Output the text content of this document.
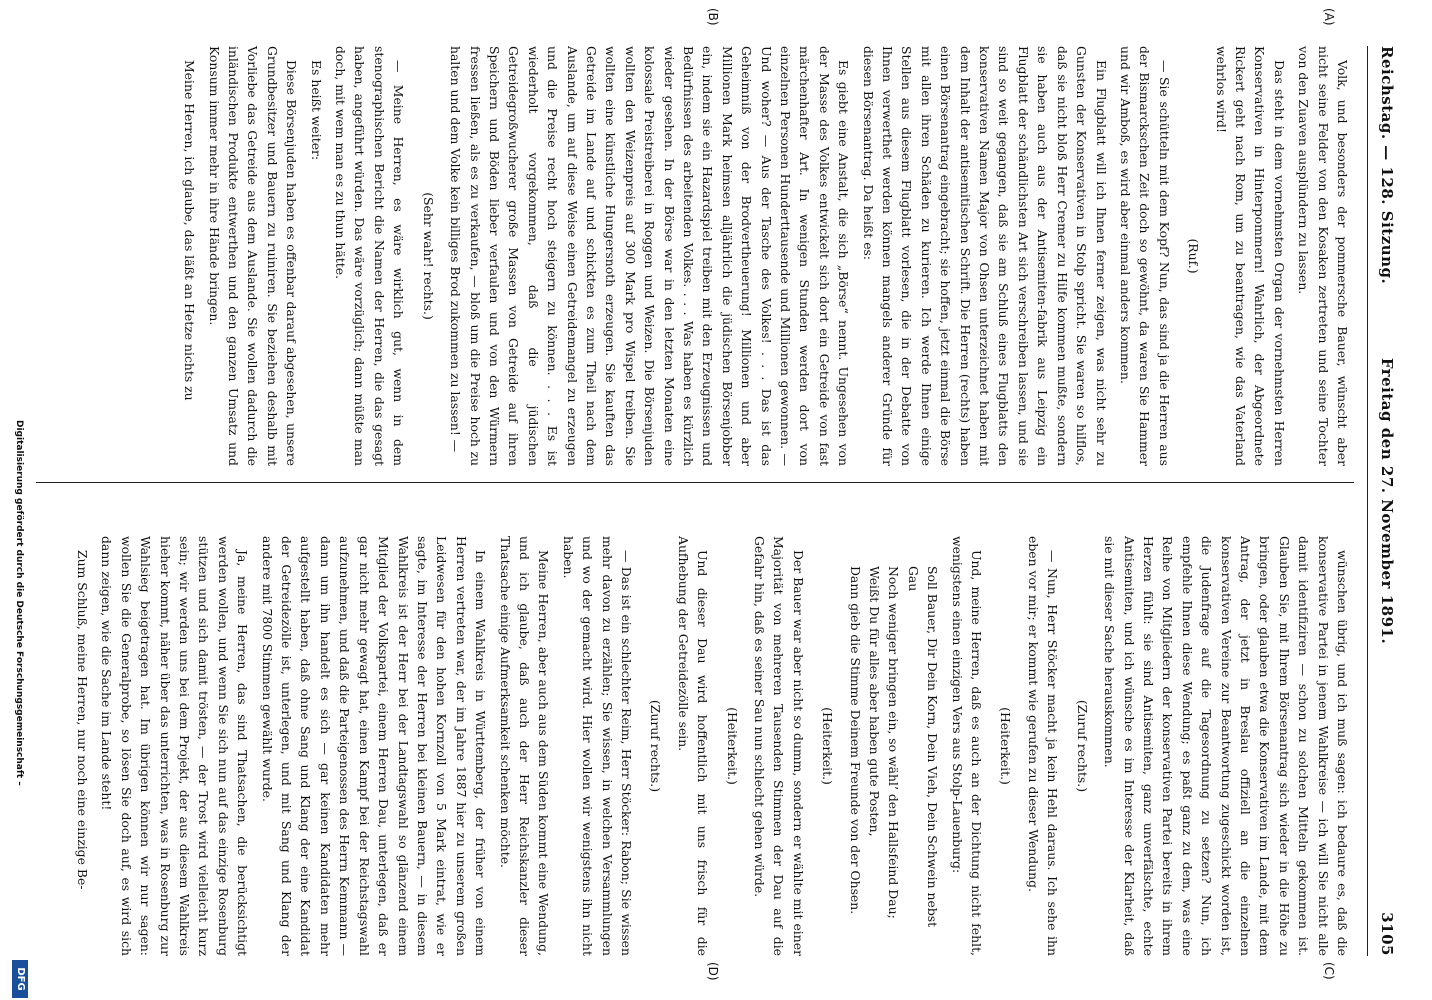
Reichstag. — 128. Sitzung.
Freitag den 27. November 1891.
3105
(A)
(B)
(C)
(D)

Volk, und besonders der pommersche Bauer, wünscht aber nicht seine Felder von den Kosaken zertreten und seine Tochter von den Zuaven ausplündern zu lassen.

Das steht in dem vornehmsten Organ der vornehmsten Herren Konservativen in Hinterpommern! Wahrlich, der Abgeordnete Rickert geht nach Rom, um zu beantragen, wie das Vaterland wehrlos wird!

(Ruf.)

— Sie schütteln mit dem Kopf? Nun, das sind ja die Herren aus der Bismarckschen Zeit doch so gewöhnt, da waren Sie Hammer und wir Amboß, es wird aber einmal anders kommen.

Ein Flugblatt will ich Ihnen ferner zeigen, was nicht sehr zu Gunsten der Konservativen in Stolp spricht. Sie waren so hilflos, daß sie nicht bloß Herr Cremer zu Hilfe kommen mußte, sondern sie haben auch aus der Antisemiten-fabrik aus Leipzig ein Flugblatt der schändlichsten Art sich verschreiben lassen, und sie sind so weit gegangen, daß sie am Schluß eines Flugblatts den konservativen Namen Major von Ohsen unterzeichnet haben mit dem Inhalt der antisemitischen Schrift. Die Herren (rechts) haben einen Börsenantrag eingebracht; sie hoffen, jetzt einmal die Börse mit allen ihren Schäden zu kurieren. Ich werde Ihnen einige Stellen aus diesem Flugblatt vorlesen, die in der Debatte von Ihnen verwerthet werden können mangels anderer Gründe für diesen Börsenantrag. Da heißt es:

Es giebt eine Anstalt, die sich „Börse“ nennt. Ungesehen von der Masse des Volkes entwickelt sich dort ein Getreide von fast märchenhafter Art. In wenigen Stunden werden dort von einzelnen Personen Hunderttausende und Millionen gewonnen. — Und woher? — Aus der Tasche des Volkes! . . . Das ist das Geheimniß von der Brodvertheuerung! Millionen und aber Millionen Mark heimsen alljährlich die jüdischen Börsenjobber ein, indem sie ein Hazardspiel treiben mit den Erzeugnissen und Bedürfnissen des arbeitenden Volkes. . . . Was haben es kürzlich wieder gesehen. In der Börse war in den letzten Monaten eine kolossale Preistreiberei in Roggen und Weizen. Die Börsenjuden wollten den Weizenpreis auf 300 Mark pro Wispel treiben. Sie wollten eine künstliche Hungersnoth erzeugen. Sie kauften das Getreide im Lande auf und schickten es zum Theil nach dem Auslande, um auf diese Weise einen Getreidemangel zu erzeugen und die Preise recht hoch steigern zu können. . . . Es ist wiederholt vorgekommen, daß die jüdischen Getreidegroßwucherer große Massen von Getreide auf ihren Speichern und Böden lieber verfaulen und von den Würmern fressen ließen, als es zu verkaufen, — bloß um die Preise hoch zu halten und dem Volke kein billiges Brod zukommen zu lassen! —

(Sehr wahr! rechts.)

— Meine Herren, es wäre wirklich gut, wenn in dem stenographischen Bericht die Namen der Herren, die das gesagt haben, angeführt würden. Das wäre vorzüglich; dann müßte man doch, mit wem man es zu thun hätte.

Es heißt weiter:

Diese Börsenjuden haben es offenbar darauf abgesehen, unsere Grundbesitzer und Bauern zu ruiniren. Sie beziehen deshalb mit Vorliebe das Getreide aus dem Auslande. Sie wollen dadurch die inländischen Produkte entwerthen und den ganzen Umsatz und Konsum immer mehr in ihre Hände bringen.

Meine Herren, ich glaube, das läßt an Hetze nichts zu

wünschen übrig, und ich muß sagen: ich bedaure es, daß die konservative Partei in jenem Wahlkreise — ich will Sie nicht alle damit identifiziren — schon zu solchen Mitteln gekommen ist. Glauben Sie, mit Ihrem Börsenantrag sich wieder in die Höhe zu bringen, oder glauben etwa die Konservativen im Lande, mit dem Antrag, der jetzt in Breslau offiziell an die einzelnen konservativen Vereine zur Beantwortung zugeschickt worden ist, die Judenfrage auf die Tagesordnung zu setzen? Nun, ich empfehle Ihnen diese Wendung; es paßt ganz zu dem, was eine Reihe von Mitgliedern der konservativen Partei bereits in ihrem Herzen fühlt: sie sind Antisemiten, ganz unverfälschte, echte Antisemiten, und ich wünsche es im Interesse der Klarheit, daß sie mit dieser Sache herauskommen.

(Zuruf rechts.)

— Nun, Herr Stöcker macht ja kein Hehl daraus. Ich sehe ihn eben vor mir; er kommt wie gerufen zu dieser Wendung.

(Heiterkeit.)

Und, meine Herren, daß es auch an der Dichtung nicht fehlt, wenigstens einen einzigen Vers aus Stolp-Lauenburg:

Soll Bauer, Dir Dein Korn, Dein Vieh, Dein Schwein nebst Gau

Noch weniger bringen ein, so wähl’ den Hallsfeind Dau;

Weißt Du für alles aber haben gute Posten,

Dann gieb die Stimme Deinem Freunde von der Ohsen.

(Heiterkeit.)

Der Bauer war aber nicht so dumm, sondern er wählte mit einer Majorität von mehreren Tausenden Stimmen der Dau auf die Gefahr hin, daß es seiner Sau nun schlecht gehen würde.

(Heiterkeit.)

Und dieser Dau wird hoffentlich mit uns frisch für die Aufhebung der Getreidezölle sein.

(Zuruf rechts.)

— Das ist ein schlechter Reim, Herr Stöcker: Rabon; Sie wissen mehr davon zu erzählen; Sie wissen, in welchen Versammlungen und wo der gemacht wird. Hier wollen wir wenigstens ihn nicht haben.

Meine Herren, aber auch aus dem Süden kommt eine Wendung, und ich glaube, daß auch der Herr Reichskanzler dieser Thatsache einige Aufmerksamkeit schenken möchte.

In einem Wahlkreis in Württemberg, der früher von einem Herren vertreten war, der im Jahre 1887 hier zu unserem großen Leidwesen für den hohen Kornzoll von 5 Mark eintrat, wie er sagte, im Interesse der Herren bei kleinen Bauern, — in diesem Wahlkreis ist der Herr bei der Landtagswahl so glänzend einem Mitglied der Volkspartei, einem Herren Dau, unterlegen, daß er gar nicht mehr gewagt hat, einen Kampf bei der Reichstagswahl aufzunehmen, und daß die Parteigenossen des Herrn Kemmann — dann um ihn handelt es sich — gar keinen Kandidaten mehr aufgestellt haben, daß ohne Sang und Klang der eine Kandidat der Getreidezölle ist, unterlegen, und mit Sang und Klang der andere mit 7800 Stimmen gewählt wurde.

Ja, meine Herren, das sind Thatsachen, die berücksichtigt werden wollen, und wenn Sie sich nun auf das einzige Rosenburg stützen und sich damit trösten, — der Trost wird vielleicht kurz sein; wir werden uns bei dem Projekt, der aus diesem Wahlkreis hieher kommt, näher über das unterrichten, was in Rosenburg zur Wahlsieg beigetragen hat. Im übrigen können wir nur sagen: wollen Sie die Generalprobe, so lösen Sie doch auf, es wird sich dann zeigen, wie die Sache im Lande steht!

Zum Schluß, meine Herren, nur noch eine einzige Be-

Digitalisierung gefördert durch die Deutsche Forschungsgemeinschaft –
DFG
